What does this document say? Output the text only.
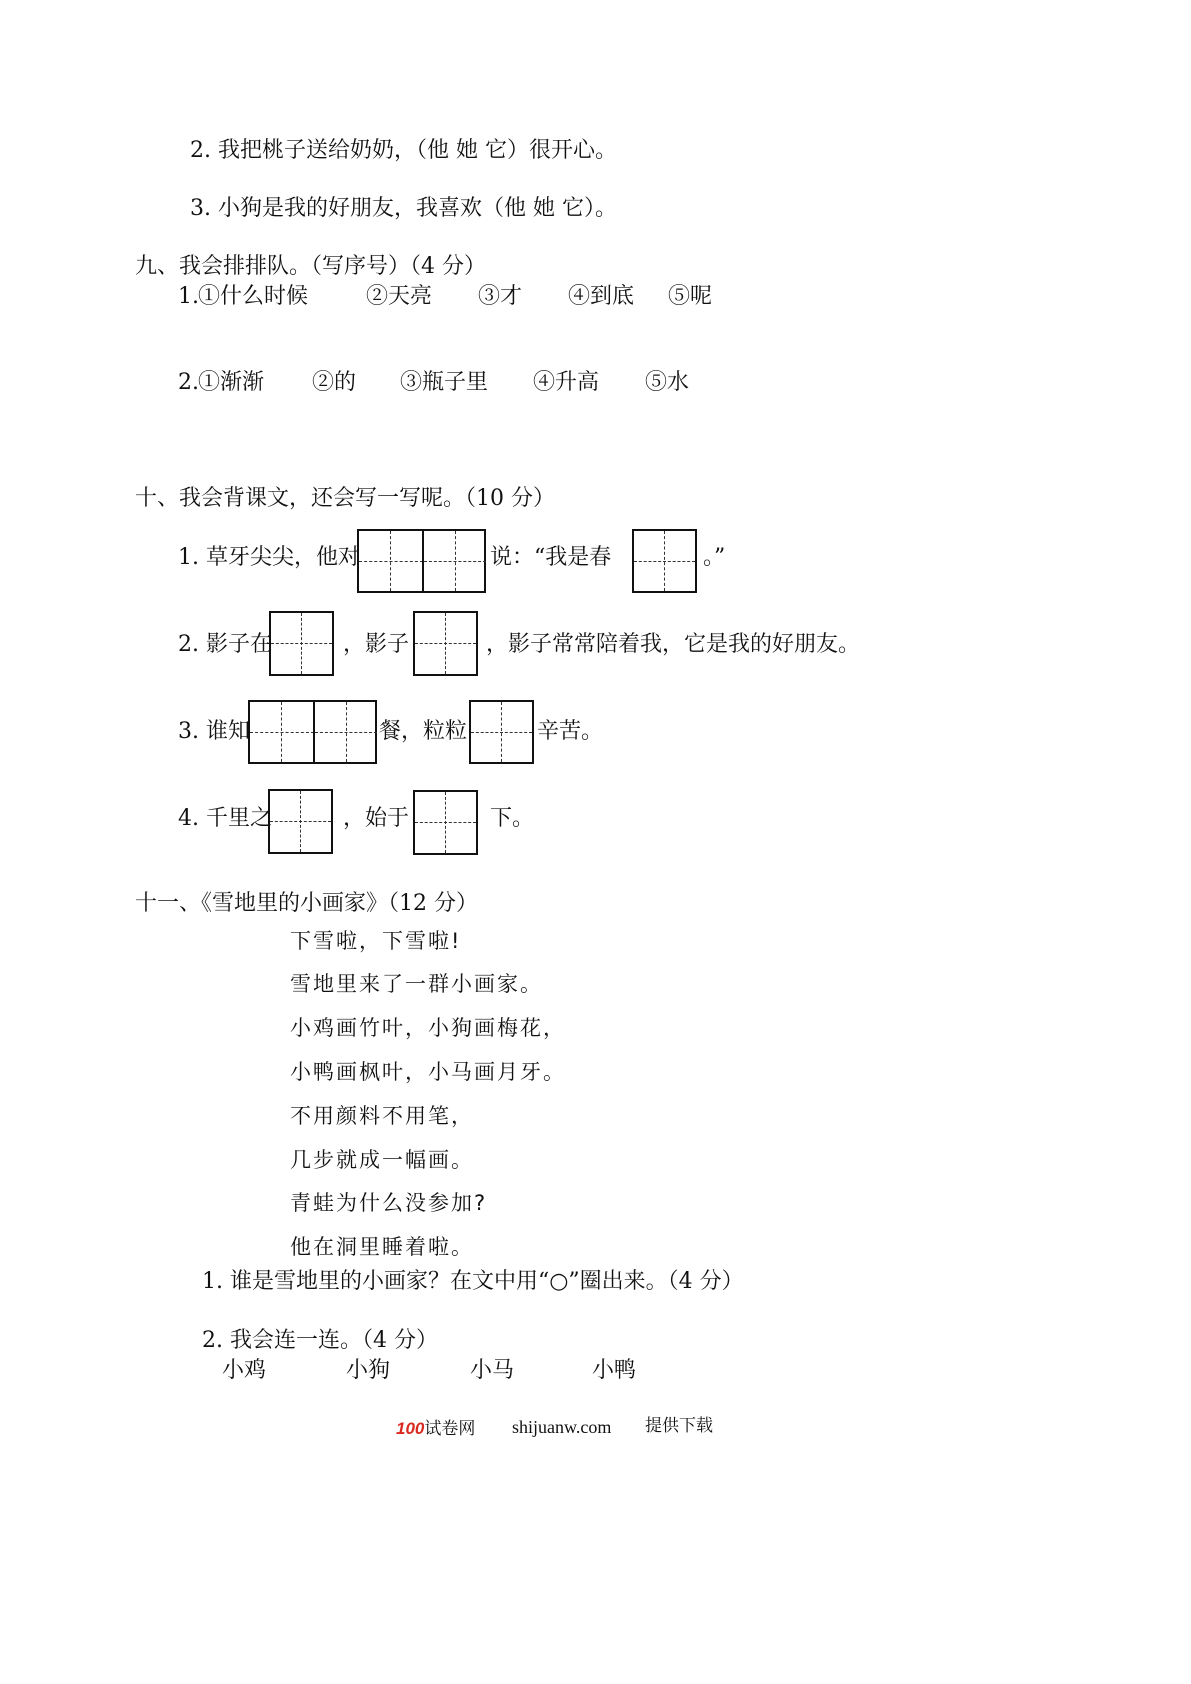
2. 我把桃子送给奶奶，（他 她 它）很开心。
3. 小狗是我的好朋友，我喜欢（他 她 它）。
九、我会排排队。（写序号）（4 分）
1. ①什么时候	②天亮 ③才 ④到底 ⑤呢
2. ①渐渐 ②的 ③瓶子里 ④升高 ⑤水
十、我会背课文，还会写一写呢。（10 分）
1. 草牙尖尖，他对	说：“我是春	。”
2. 影子在	，影子	，影子常常陪着我，它是我的好朋友。
3. 谁知	餐，粒粒	辛苦。
4. 千里之	，始于	下。
十一、《雪地里的小画家》（12 分）
下雪啦，下雪啦!
雪地里来了一群小画家。
小鸡画竹叶，小狗画梅花，
小鸭画枫叶，小马画月牙。
不用颜料不用笔，
几步就成一幅画。
青蛙为什么没参加?
他在洞里睡着啦。
1. 谁是雪地里的小画家？在文中用“○”圈出来。（4 分）
2. 我会连一连。（4 分）
小鸡	小狗	小马	小鸭
100试卷网 shijuanw.com 提供下载
